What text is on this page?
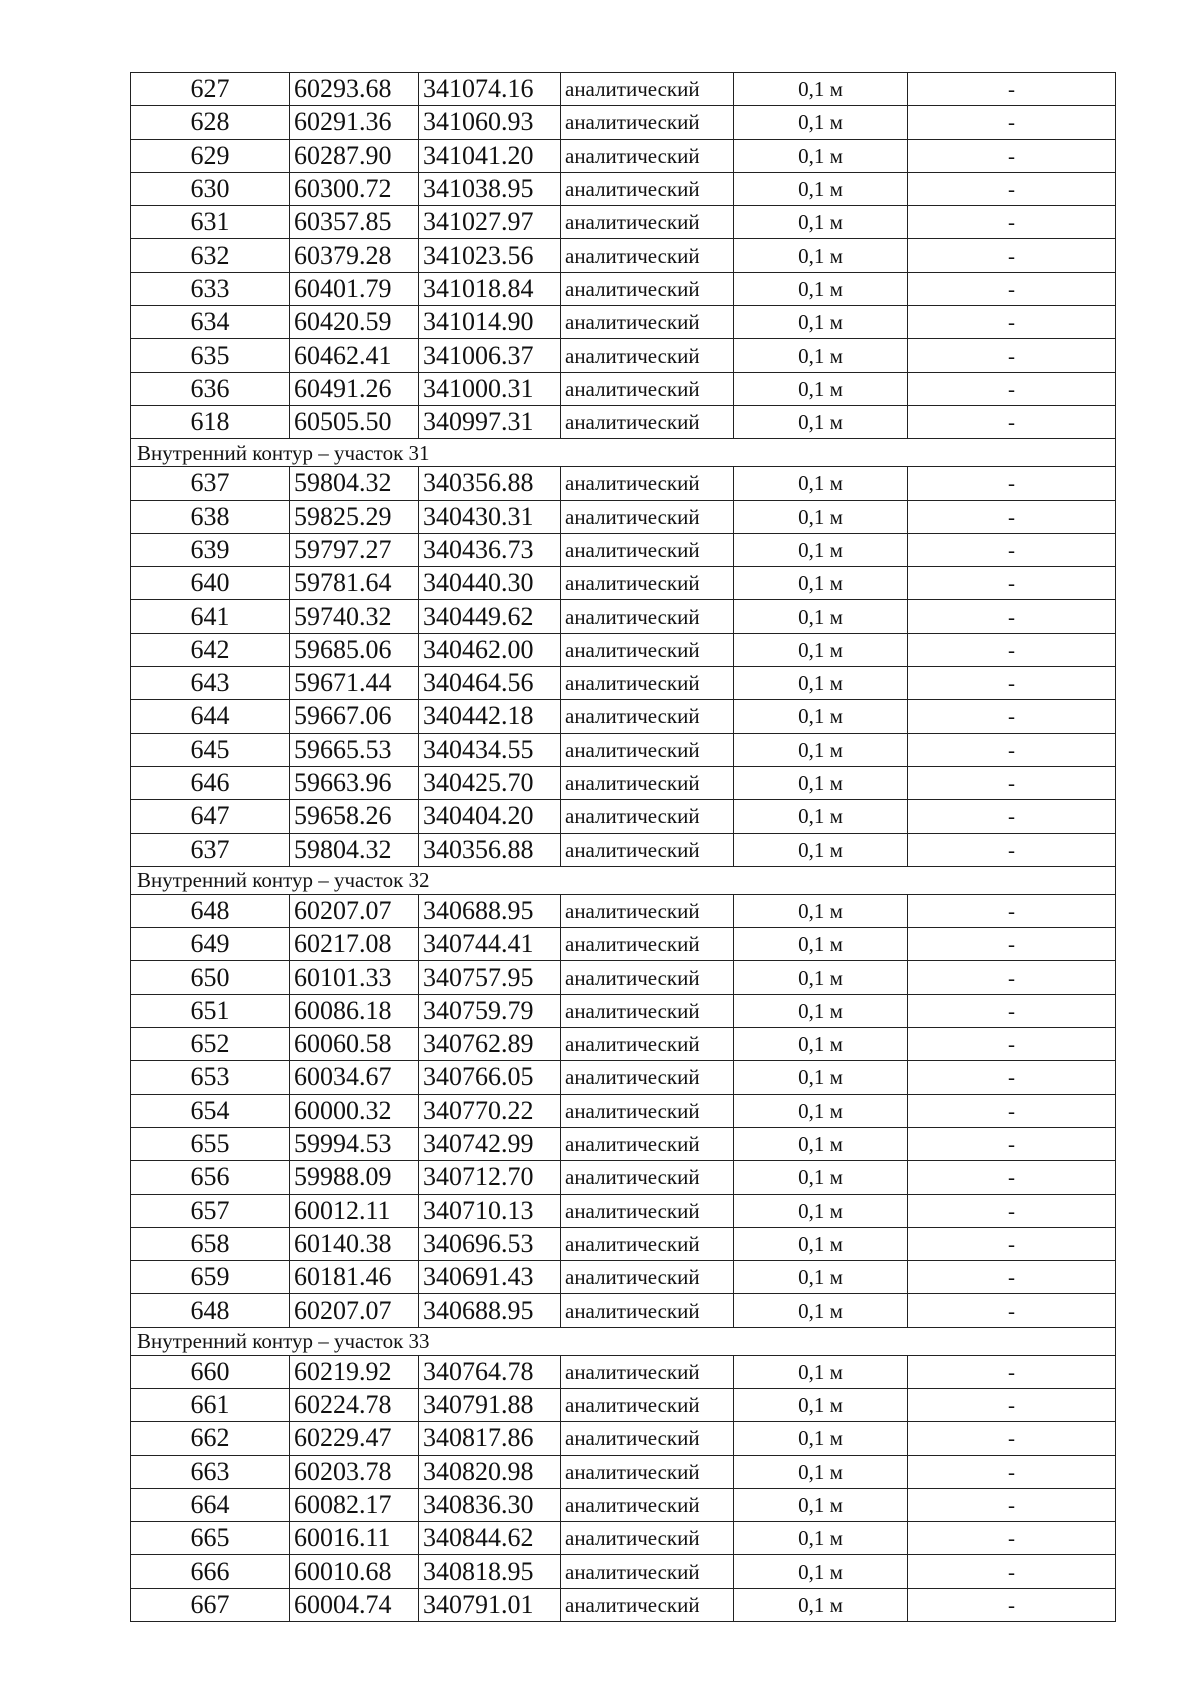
627	60293.68	341074.16	аналитический	0,1 м	-
628	60291.36	341060.93	аналитический	0,1 м	-
629	60287.90	341041.20	аналитический	0,1 м	-
630	60300.72	341038.95	аналитический	0,1 м	-
631	60357.85	341027.97	аналитический	0,1 м	-
632	60379.28	341023.56	аналитический	0,1 м	-
633	60401.79	341018.84	аналитический	0,1 м	-
634	60420.59	341014.90	аналитический	0,1 м	-
635	60462.41	341006.37	аналитический	0,1 м	-
636	60491.26	341000.31	аналитический	0,1 м	-
618	60505.50	340997.31	аналитический	0,1 м	-
Внутренний контур – участок 31					
637	59804.32	340356.88	аналитический	0,1 м	-
638	59825.29	340430.31	аналитический	0,1 м	-
639	59797.27	340436.73	аналитический	0,1 м	-
640	59781.64	340440.30	аналитический	0,1 м	-
641	59740.32	340449.62	аналитический	0,1 м	-
642	59685.06	340462.00	аналитический	0,1 м	-
643	59671.44	340464.56	аналитический	0,1 м	-
644	59667.06	340442.18	аналитический	0,1 м	-
645	59665.53	340434.55	аналитический	0,1 м	-
646	59663.96	340425.70	аналитический	0,1 м	-
647	59658.26	340404.20	аналитический	0,1 м	-
637	59804.32	340356.88	аналитический	0,1 м	-
Внутренний контур – участок 32					
648	60207.07	340688.95	аналитический	0,1 м	-
649	60217.08	340744.41	аналитический	0,1 м	-
650	60101.33	340757.95	аналитический	0,1 м	-
651	60086.18	340759.79	аналитический	0,1 м	-
652	60060.58	340762.89	аналитический	0,1 м	-
653	60034.67	340766.05	аналитический	0,1 м	-
654	60000.32	340770.22	аналитический	0,1 м	-
655	59994.53	340742.99	аналитический	0,1 м	-
656	59988.09	340712.70	аналитический	0,1 м	-
657	60012.11	340710.13	аналитический	0,1 м	-
658	60140.38	340696.53	аналитический	0,1 м	-
659	60181.46	340691.43	аналитический	0,1 м	-
648	60207.07	340688.95	аналитический	0,1 м	-
Внутренний контур – участок 33					
660	60219.92	340764.78	аналитический	0,1 м	-
661	60224.78	340791.88	аналитический	0,1 м	-
662	60229.47	340817.86	аналитический	0,1 м	-
663	60203.78	340820.98	аналитический	0,1 м	-
664	60082.17	340836.30	аналитический	0,1 м	-
665	60016.11	340844.62	аналитический	0,1 м	-
666	60010.68	340818.95	аналитический	0,1 м	-
667	60004.74	340791.01	аналитический	0,1 м	-
